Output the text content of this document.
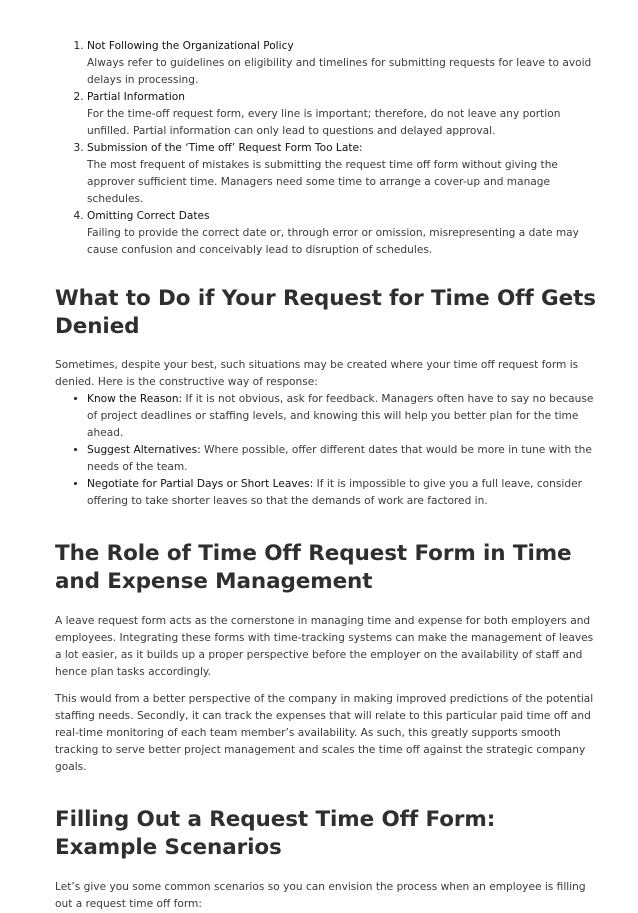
1. Not Following the Organizational Policy
Always refer to guidelines on eligibility and timelines for submitting requests for leave to avoid delays in processing.
2. Partial Information
For the time-off request form, every line is important; therefore, do not leave any portion unfilled. Partial information can only lead to questions and delayed approval.
3. Submission of the ‘Time off’ Request Form Too Late:
The most frequent of mistakes is submitting the request time off form without giving the approver sufficient time. Managers need some time to arrange a cover-up and manage schedules.
4. Omitting Correct Dates
Failing to provide the correct date or, through error or omission, misrepresenting a date may cause confusion and conceivably lead to disruption of schedules.
What to Do if Your Request for Time Off Gets Denied

Sometimes, despite your best, such situations may be created where your time off request form is denied. Here is the constructive way of response:

• Know the Reason: If it is not obvious, ask for feedback. Managers often have to say no because of project deadlines or staffing levels, and knowing this will help you better plan for the time ahead.
• Suggest Alternatives: Where possible, offer different dates that would be more in tune with the needs of the team.
• Negotiate for Partial Days or Short Leaves: If it is impossible to give you a full leave, consider offering to take shorter leaves so that the demands of work are factored in.
The Role of Time Off Request Form in Time and Expense Management

A leave request form acts as the cornerstone in managing time and expense for both employers and employees. Integrating these forms with time-tracking systems can make the management of leaves a lot easier, as it builds up a proper perspective before the employer on the availability of staff and hence plan tasks accordingly.

This would from a better perspective of the company in making improved predictions of the potential staffing needs. Secondly, it can track the expenses that will relate to this particular paid time off and real-time monitoring of each team member’s availability. As such, this greatly supports smooth tracking to serve better project management and scales the time off against the strategic company goals.

Filling Out a Request Time Off Form: Example Scenarios

Let’s give you some common scenarios so you can envision the process when an employee is filling out a request time off form:
